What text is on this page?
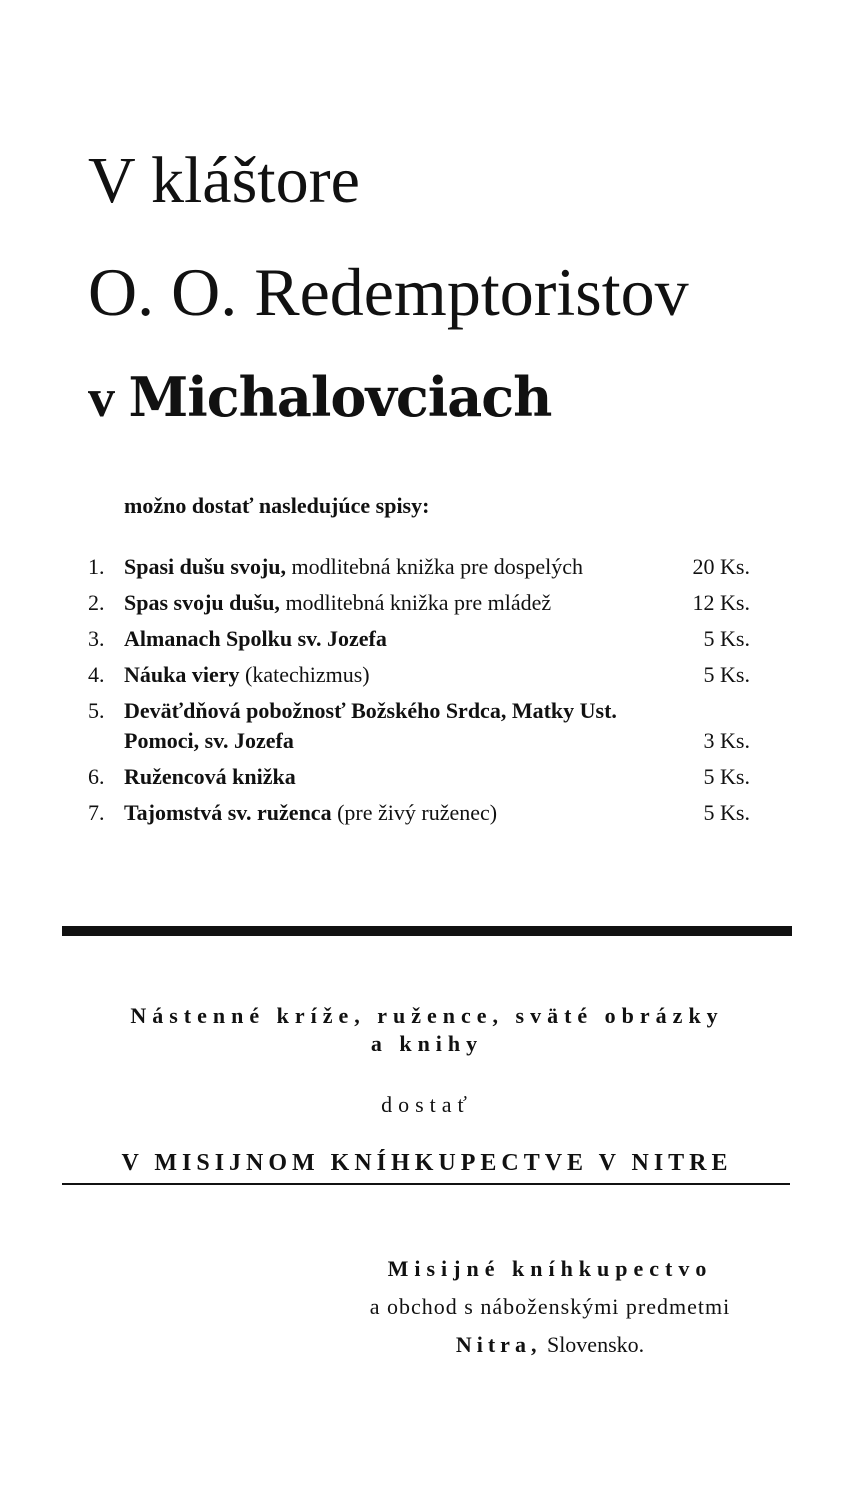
V kláštore
O. O. Redemptoristov
v Michalovciach
možno dostať nasledujúce spisy:
1. Spasi dušu svoju, modlitebná knižka pre dospelých	20 Ks.
2. Spas svoju dušu, modlitebná knižka pre mládež	12 Ks.
3. Almanach Spolku sv. Jozefa	5 Ks.
4. Náuka viery (katechizmus)	5 Ks.
5. Deväťdňová pobožnosť Božského Srdca, Matky Ust. Pomoci, sv. Jozefa	3 Ks.
6. Ružencová knižka	5 Ks.
7. Tajomstvá sv. ruženca (pre živý ruženec)	5 Ks.
Nástenné kríže, ružence, sväté obrázky
a knihy
dostať
V MISIJNOM KNÍHKUPECTVE V NITRE
Misijné kníhkupectvo
a obchod s náboženskými predmetmi
Nitra, Slovensko.
